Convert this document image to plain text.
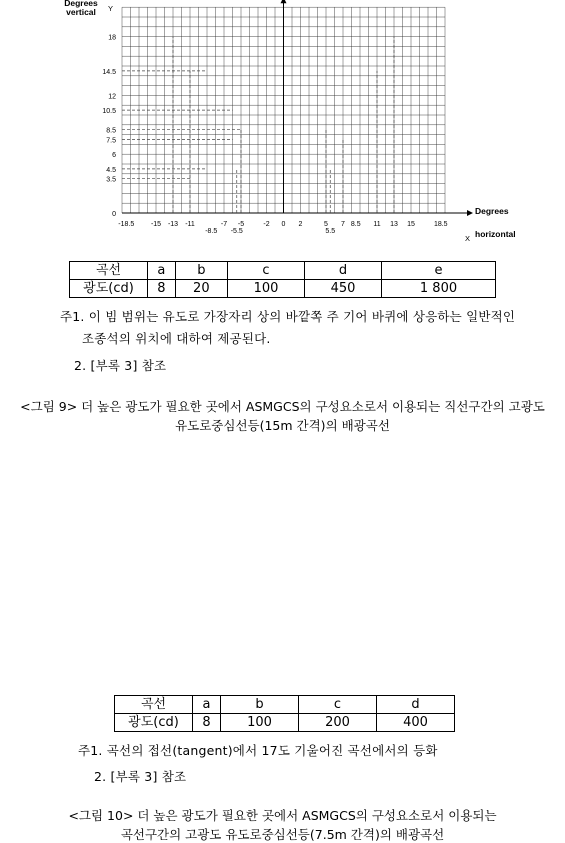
Degrees
vertical Y
Degrees
horizontal
X
18
14.5
12
10.5
8.5
7.5
6
4.5
3.5
0
-18.5 -15 -13 -11	-7 -5	-2 0 2	5 7 8.5 11 13 15	18.5
-8.5 -5.5	5.5
곡선	a	b	c	d	e
광도(cd)	8	20	100	450	1 800
주1. 이 빔 범위는 유도로 가장자리 상의 바깥쪽 주 기어 바퀴에 상응하는 일반적인
조종석의 위치에 대하여 제공된다.
2. [부록 3] 참조
<그림 9> 더 높은 광도가 필요한 곳에서 ASMGCS의 구성요소로서 이용되는 직선구간의 고광도
유도로중심선등(15m 간격)의 배광곡선
곡선	a	b	c	d
광도(cd)	8	100	200	400
주1. 곡선의 접선(tangent)에서 17도 기울어진 곡선에서의 등화
2. [부록 3] 참조
<그림 10> 더 높은 광도가 필요한 곳에서 ASMGCS의 구성요소로서 이용되는
곡선구간의 고광도 유도로중심선등(7.5m 간격)의 배광곡선
